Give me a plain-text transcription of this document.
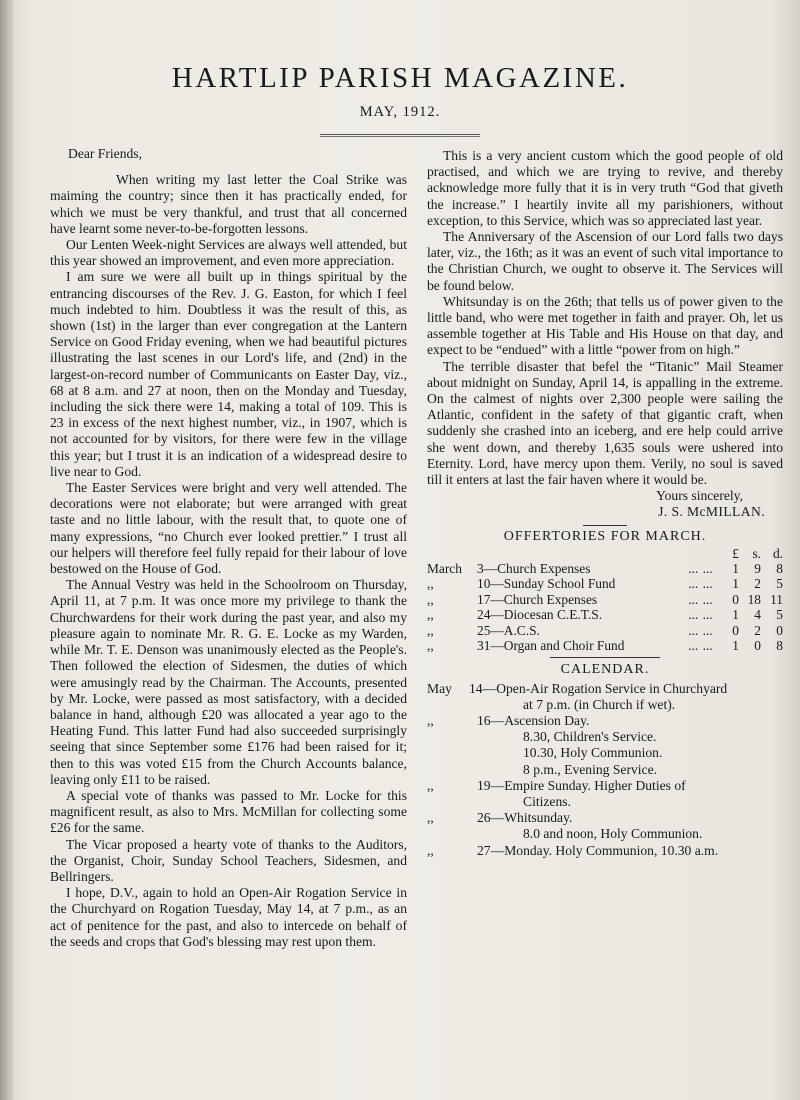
HARTLIP PARISH MAGAZINE.
MAY, 1912.

Dear Friends,

When writing my last letter the Coal Strike was maiming the country; since then it has practically ended, for which we must be very thankful, and trust that all concerned have learnt some never-to-be-forgotten lessons.

Our Lenten Week-night Services are always well attended, but this year showed an improvement, and even more appreciation.

I am sure we were all built up in things spiritual by the entrancing discourses of the Rev. J. G. Easton, for which I feel much indebted to him. Doubtless it was the result of this, as shown (1st) in the larger than ever congregation at the Lantern Service on Good Friday evening, when we had beautiful pictures illustrating the last scenes in our Lord's life, and (2nd) in the largest-on-record number of Communicants on Easter Day, viz., 68 at 8 a.m. and 27 at noon, then on the Monday and Tuesday, including the sick there were 14, making a total of 109. This is 23 in excess of the next highest number, viz., in 1907, which is not accounted for by visitors, for there were few in the village this year; but I trust it is an indication of a widespread desire to live near to God.

The Easter Services were bright and very well attended. The decorations were not elaborate; but were arranged with great taste and no little labour, with the result that, to quote one of many expressions, “no Church ever looked prettier.” I trust all our helpers will therefore feel fully repaid for their labour of love bestowed on the House of God.

The Annual Vestry was held in the Schoolroom on Thursday, April 11, at 7 p.m. It was once more my privilege to thank the Churchwardens for their work during the past year, and also my pleasure again to nominate Mr. R. G. E. Locke as my Warden, while Mr. T. E. Denson was unanimously elected as the People's. Then followed the election of Sidesmen, the duties of which were amusingly read by the Chairman. The Accounts, presented by Mr. Locke, were passed as most satisfactory, with a decided balance in hand, although £20 was allocated a year ago to the Heating Fund. This latter Fund had also succeeded surprisingly seeing that since September some £176 had been raised for it; then to this was voted £15 from the Church Accounts balance, leaving only £11 to be raised.

A special vote of thanks was passed to Mr. Locke for this magnificent result, as also to Mrs. McMillan for collecting some £26 for the same.

The Vicar proposed a hearty vote of thanks to the Auditors, the Organist, Choir, Sunday School Teachers, Sidesmen, and Bellringers.

I hope, D.V., again to hold an Open-Air Rogation Service in the Churchyard on Rogation Tuesday, May 14, at 7 p.m., as an act of penitence for the past, and also to intercede on behalf of the seeds and crops that God's blessing may rest upon them.

This is a very ancient custom which the good people of old practised, and which we are trying to revive, and thereby acknowledge more fully that it is in very truth “God that giveth the increase.” I heartily invite all my parishioners, without exception, to this Service, which was so appreciated last year.

The Anniversary of the Ascension of our Lord falls two days later, viz., the 16th; as it was an event of such vital importance to the Christian Church, we ought to observe it. The Services will be found below.

Whitsunday is on the 26th; that tells us of power given to the little band, who were met together in faith and prayer. Oh, let us assemble together at His Table and His House on that day, and expect to be “endued” with a little “power from on high.”

The terrible disaster that befel the “Titanic” Mail Steamer about midnight on Sunday, April 14, is appalling in the extreme. On the calmest of nights over 2,300 people were sailing the Atlantic, confident in the safety of that gigantic craft, when suddenly she crashed into an iceberg, and ere help could arrive she went down, and thereby 1,635 souls were ushered into Eternity. Lord, have mercy upon them. Verily, no soul is saved till it enters at last the fair haven where it would be.

Yours sincerely,

J. S. McMILLAN.

OFFERTORIES FOR MARCH.

				£	s.	d.
March	3—Church Expenses	...	...	1	9	8
,,	10—Sunday School Fund	...	...	1	2	5
,,	17—Church Expenses	...	...	0	18	11
,,	24—Diocesan C.E.T.S.	...	...	1	4	5
,,	25—A.C.S.	...	...	0	2	0
,,	31—Organ and Choir Fund	...	...	1	0	8

CALENDAR.

May	14—Open-Air Rogation Service in Churchyard
at 7 p.m. (in Church if wet).
,,	16—Ascension Day.
8.30, Children's Service.
10.30, Holy Communion.
8 p.m., Evening Service.
,,	19—Empire Sunday. Higher Duties of
Citizens.
,,	26—Whitsunday.
8.0 and noon, Holy Communion.
,,	27—Monday. Holy Communion, 10.30 a.m.
